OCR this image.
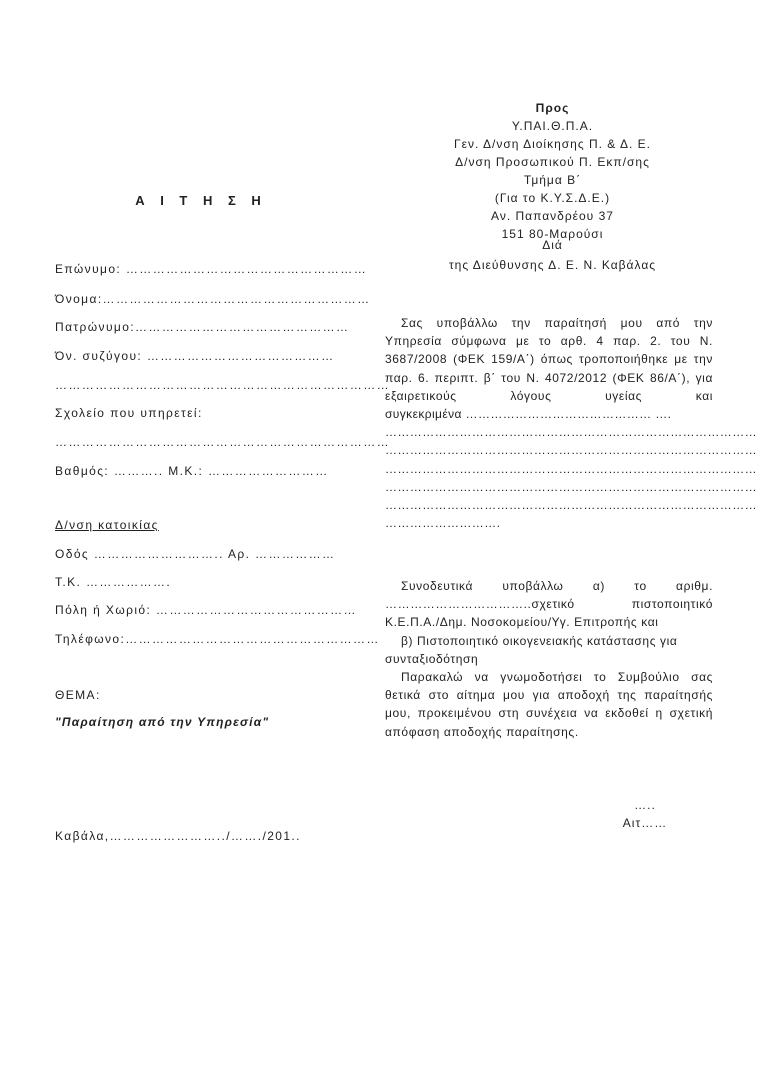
Α Ι Τ Η Σ Η
Επώνυμο: ………………………………………………
Όνομα:……………………………………………………
Πατρώνυμο:…………………………………………
Όν. συζύγου: ……………………………………
…………………………………………………………………
Σχολείο που υπηρετεί:
…………………………………………………………………
Βαθμός: ……….. Μ.Κ.: ………………………
Δ/νση κατοικίας
Οδός ……………………….. Αρ. ………………
Τ.Κ. ……………….
Πόλη ή Χωριό: ………………………………………
Τηλέφωνο:…………………………………………………
ΘΕΜΑ:
"Παραίτηση από την Υπηρεσία"
Καβάλα,……………………../……./201..
Προς
Υ.ΠΑΙ.Θ.Π.Α.
Γεν. Δ/νση Διοίκησης Π. & Δ. Ε.
Δ/νση Προσωπικού Π. Εκπ/σης
Τμήμα Β΄
(Για το Κ.Υ.Σ.Δ.Ε.)
Αν. Παπανδρέου 37
151 80-Μαρούσι
Διά
της Διεύθυνσης Δ. Ε. Ν. Καβάλας
Σας υποβάλλω την παραίτησή μου από την Υπηρεσία σύμφωνα με το αρθ. 4 παρ. 2. του Ν. 3687/2008 (ΦΕΚ 159/Α΄) όπως τροποποιήθηκε με την παρ. 6. περιπτ. β΄ του Ν. 4072/2012 (ΦΕΚ 86/Α΄), για εξαιρετικούς λόγους υγείας και
συγκεκριμένα ……………………………………… ….
………………………………………………………………………………
………………………………………………………………………………
………………………………………………………………………………
………………………………………………………………………………
………………………………………………………………………………
……………………….
Συνοδευτικά υποβάλλω α) το αριθμ. ……………………………..σχετικό πιστοποιητικό Κ.Ε.Π.Α./Δημ. Νοσοκομείου/Υγ. Επιτροπής και
β) Πιστοποιητικό οικογενειακής κατάστασης για συνταξιοδότηση
Παρακαλώ να γνωμοδοτήσει το Συμβούλιο σας θετικά στο αίτημα μου για αποδοχή της παραίτησής μου, προκειμένου στη συνέχεια να εκδοθεί η σχετική απόφαση αποδοχής παραίτησης.
…..
Αιτ……
